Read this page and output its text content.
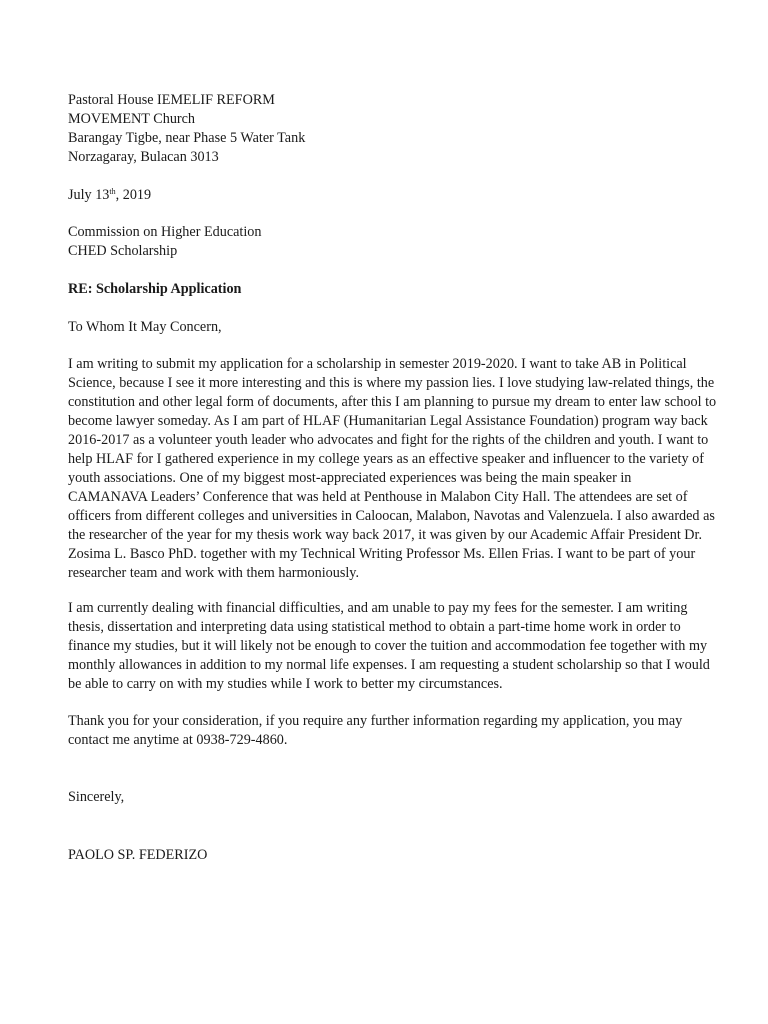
Pastoral House IEMELIF REFORM
MOVEMENT Church
Barangay Tigbe, near Phase 5 Water Tank
Norzagaray, Bulacan 3013
July 13th, 2019
Commission on Higher Education
CHED Scholarship
RE: Scholarship Application
To Whom It May Concern,
I am writing to submit my application for a scholarship in semester 2019-2020. I want to take AB in Political
Science, because I see it more interesting and this is where my passion lies. I love studying law-related things, the
constitution and other legal form of documents, after this I am planning to pursue my dream to enter law school to
become lawyer someday. As I am part of HLAF (Humanitarian Legal Assistance Foundation) program way back
2016-2017 as a volunteer youth leader who advocates and fight for the rights of the children and youth. I want to
help HLAF for I gathered experience in my college years as an effective speaker and influencer to the variety of
youth associations. One of my biggest most-appreciated experiences was being the main speaker in
CAMANAVA Leaders’ Conference that was held at Penthouse in Malabon City Hall. The attendees are set of
officers from different colleges and universities in Caloocan, Malabon, Navotas and Valenzuela. I also awarded as
the researcher of the year for my thesis work way back 2017, it was given by our Academic Affair President Dr.
Zosima L. Basco PhD. together with my Technical Writing Professor Ms. Ellen Frias. I want to be part of your
researcher team and work with them harmoniously.
I am currently dealing with financial difficulties, and am unable to pay my fees for the semester. I am writing
thesis, dissertation and interpreting data using statistical method to obtain a part-time home work in order to
finance my studies, but it will likely not be enough to cover the tuition and accommodation fee together with my
monthly allowances in addition to my normal life expenses. I am requesting a student scholarship so that I would
be able to carry on with my studies while I work to better my circumstances.
Thank you for your consideration, if you require any further information regarding my application, you may
contact me anytime at 0938-729-4860.
Sincerely,
PAOLO SP. FEDERIZO
